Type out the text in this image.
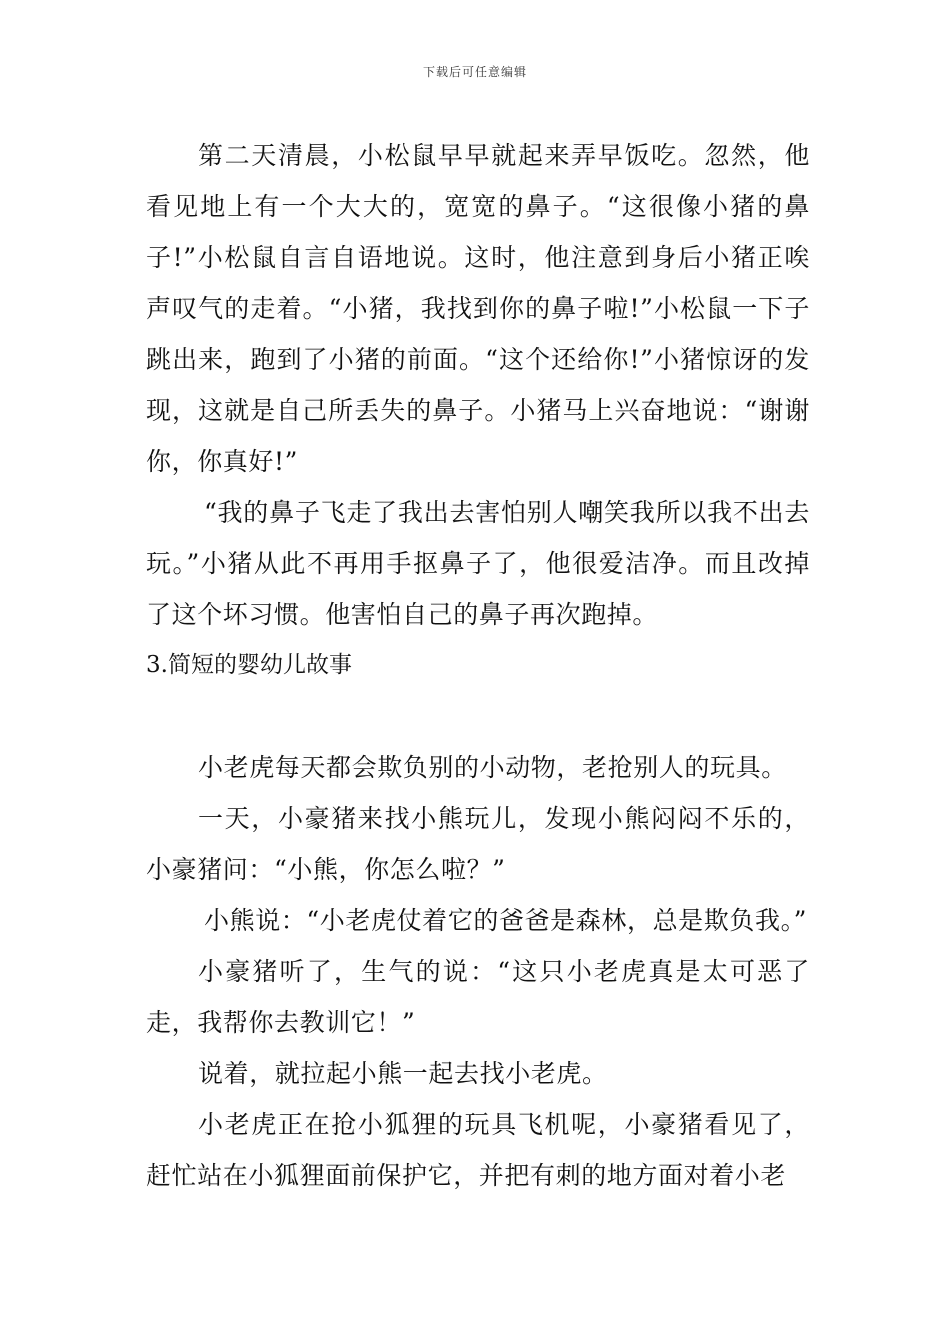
下载后可任意编辑

第二天清晨，小松鼠早早就起来弄早饭吃。忽然，他看见地上有一个大大的，宽宽的鼻子。“这很像小猪的鼻子!”小松鼠自言自语地说。这时，他注意到身后小猪正唉声叹气的走着。“小猪，我找到你的鼻子啦!”小松鼠一下子跳出来，跑到了小猪的前面。“这个还给你!”小猪惊讶的发现，这就是自己所丢失的鼻子。小猪马上兴奋地说：“谢谢你，你真好!”

“我的鼻子飞走了我出去害怕别人嘲笑我所以我不出去玩。”小猪从此不再用手抠鼻子了，他很爱洁净。而且改掉了这个坏习惯。他害怕自己的鼻子再次跑掉。

3.简短的婴幼儿故事

小老虎每天都会欺负别的小动物，老抢别人的玩具。

一天，小豪猪来找小熊玩儿，发现小熊闷闷不乐的，小豪猪问：“小熊，你怎么啦？”

小熊说：“小老虎仗着它的爸爸是森林，总是欺负我。”

小豪猪听了，生气的说：“这只小老虎真是太可恶了走，我帮你去教训它！”

说着，就拉起小熊一起去找小老虎。

小老虎正在抢小狐狸的玩具飞机呢，小豪猪看见了，赶忙站在小狐狸面前保护它，并把有刺的地方面对着小老
